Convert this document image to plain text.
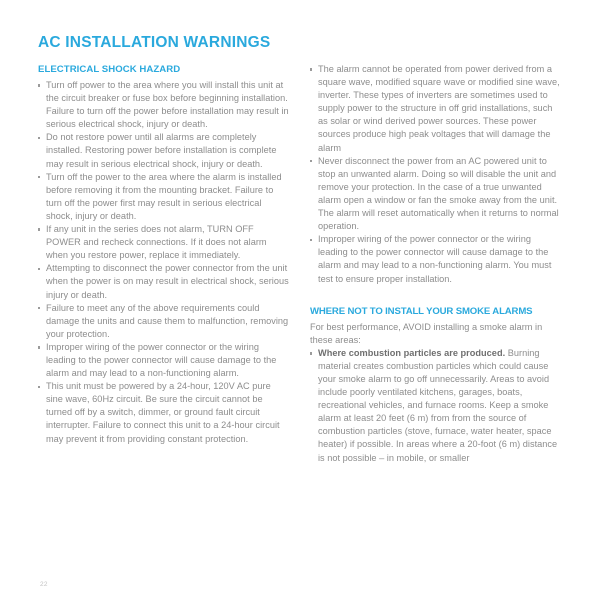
AC INSTALLATION WARNINGS
ELECTRICAL SHOCK HAZARD
Turn off power to the area where you will install this unit at the circuit breaker or fuse box before beginning installation. Failure to turn off the power before installation may result in serious electrical shock, injury or death.
Do not restore power until all alarms are completely installed. Restoring power before installation is complete may result in serious electrical shock, injury or death.
Turn off the power to the area where the alarm is installed before removing it from the mounting bracket. Failure to turn off the power first may result in serious electrical shock, injury or death.
If any unit in the series does not alarm, TURN OFF POWER and recheck connections. If it does not alarm when you restore power, replace it immediately.
Attempting to disconnect the power connector from the unit when the power is on may result in electrical shock, serious injury or death.
Failure to meet any of the above requirements could damage the units and cause them to malfunction, removing your protection.
Improper wiring of the power connector or the wiring leading to the power connector will cause damage to the alarm and may lead to a non-functioning alarm.
This unit must be powered by a 24-hour, 120V AC pure sine wave, 60Hz circuit. Be sure the circuit cannot be turned off by a switch, dimmer, or ground fault circuit interrupter. Failure to connect this unit to a 24-hour circuit may prevent it from providing constant protection.
The alarm cannot be operated from power derived from a square wave, modified square wave or modified sine wave, inverter. These types of inverters are sometimes used to supply power to the structure in off grid installations, such as solar or wind derived power sources. These power sources produce high peak voltages that will damage the alarm
Never disconnect the power from an AC powered unit to stop an unwanted alarm. Doing so will disable the unit and remove your protection. In the case of a true unwanted alarm open a window or fan the smoke away from the unit. The alarm will reset automatically when it returns to normal operation.
Improper wiring of the power connector or the wiring leading to the power connector will cause damage to the alarm and may lead to a non-functioning alarm. You must test to ensure proper installation.
WHERE NOT TO INSTALL YOUR SMOKE ALARMS

For best performance, AVOID installing a smoke alarm in these areas:

Where combustion particles are produced. Burning material creates combustion particles which could cause your smoke alarm to go off unnecessarily. Areas to avoid include poorly ventilated kitchens, garages, boats, recreational vehicles, and furnace rooms. Keep a smoke alarm at least 20 feet (6 m) from from the source of combustion particles (stove, furnace, water heater, space heater) if possible. In areas where a 20-foot (6 m) distance is not possible – in mobile, or smaller
22
